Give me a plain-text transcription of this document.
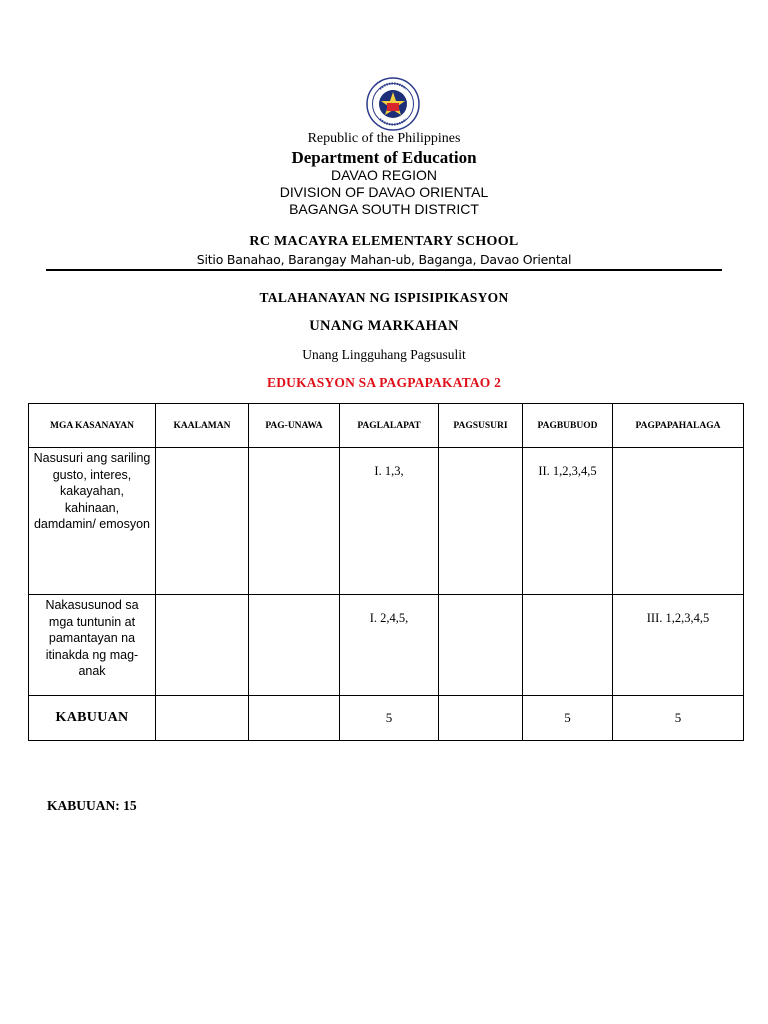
Republic of the Philippines
Department of Education
DAVAO REGION
DIVISION OF DAVAO ORIENTAL
BAGANGA SOUTH DISTRICT
RC MACAYRA ELEMENTARY SCHOOL
Sitio Banahao, Barangay Mahan-ub, Baganga, Davao Oriental
TALAHANAYAN NG ISPISIPIKASYON
UNANG MARKAHAN
Unang Lingguhang Pagsusulit
EDUKASYON SA PAGPAPAKATAO 2
MGA KASANAYAN	KAALAMAN	PAG-UNAWA	PAGLALAPAT	PAGSUSURI	PAGBUBUOD	PAGPAPAHALAGA
Nasusuri ang sariling gusto, interes, kakayahan, kahinaan, damdamin/ emosyon			I. 1,3,		II. 1,2,3,4,5	
Nakasusunod sa mga tuntunin at pamantayan na itinakda ng mag-anak			I. 2,4,5,			III. 1,2,3,4,5
KABUUAN			5		5	5
KABUUAN: 15
